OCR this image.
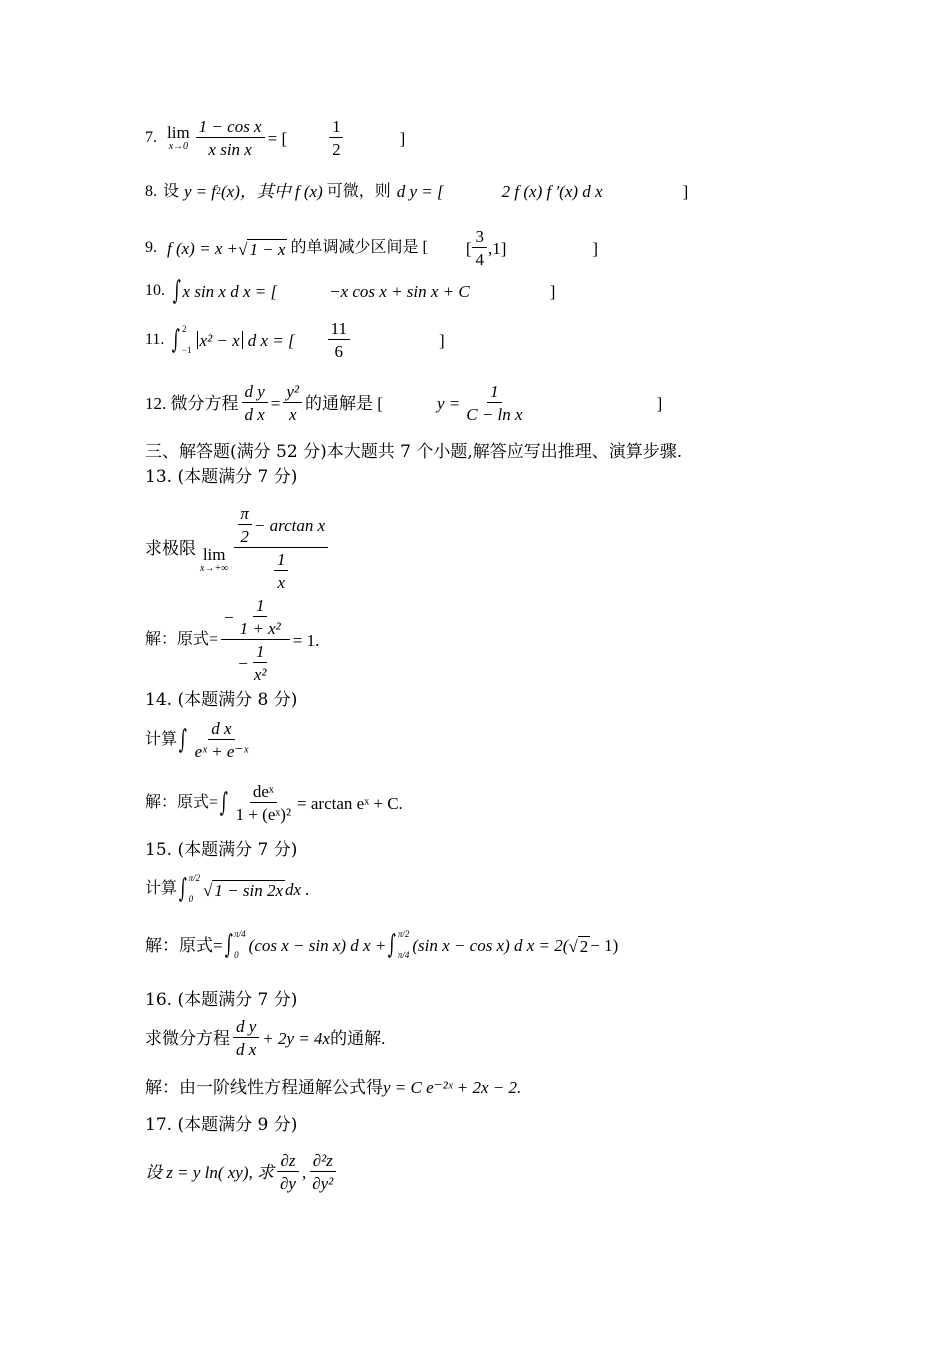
7. lim
$x\to 0 \frac{\text{1 − cos x}}{\text{x sin x}}$ = [ $\frac{1}{2}$	]
8. 设 y = f 2 (x)，其中 f (x) 可微，则 d y = [	2 f (x) f ′(x) d x	]
9. f (x) = x + √ 1 − x 的单调减少区间是 [ [ $\frac{3}{4} ,1$]	]
10. ∫ x sin x d x = [	−x cos x + sin x + C	]
11. ∫ 2
−1
x² − x d x = [ $\frac{11}{6}$	]
12. 微分方程 $\frac{\text{d y}}{\text{d x}} = \frac{\text{y²}}{x}$ 的通解是 [	$y = \frac{1}{\text{C − ln x}}$	]
三、解答题(满分 52 分)本大题共 7 个小题,解答应写出推理、演算步骤.
13. (本题满分 7 分)
求极限 lim
$x\to+\infty \frac{\frac{\pi}{2} - \arctan x}{\frac{1}{x}}$
解：原式= $\frac{- \frac{1}{\text{1 + x²}}}{- \frac{1}{\text{x²}}} = 1$.
14. (本题满分 8 分)
计算 ∫ $\frac{\text{d x}}{\text{eˣ + e⁻ˣ}}$
解：原式= ∫ $\frac{\text{deˣ}}{\text{1 + (eˣ)²}} = \arctan$ eˣ + C.
15. (本题满分 7 分)
计算 ∫ π/2
0 √ 1 − sin 2x dx .
解：原式= ∫ π/4
0
(cos x − sin x) d x + ∫ π/2
π/4
(sin x − cos x) d x = 2( √ 2 − 1)
16. (本题满分 7 分)
求微分方程 $\frac{\text{d y}}{\text{d x}} + 2y = 4x$ 的通解.
解：由一阶线性方程通解公式得 y = C e⁻²ˣ + 2x − 2.
17. (本题满分 9 分)
设 z = y ln( xy), 求 $\frac{\partial z}{\partial y}$ , $\frac{\text{∂²z}}{\text{∂y²}}$
